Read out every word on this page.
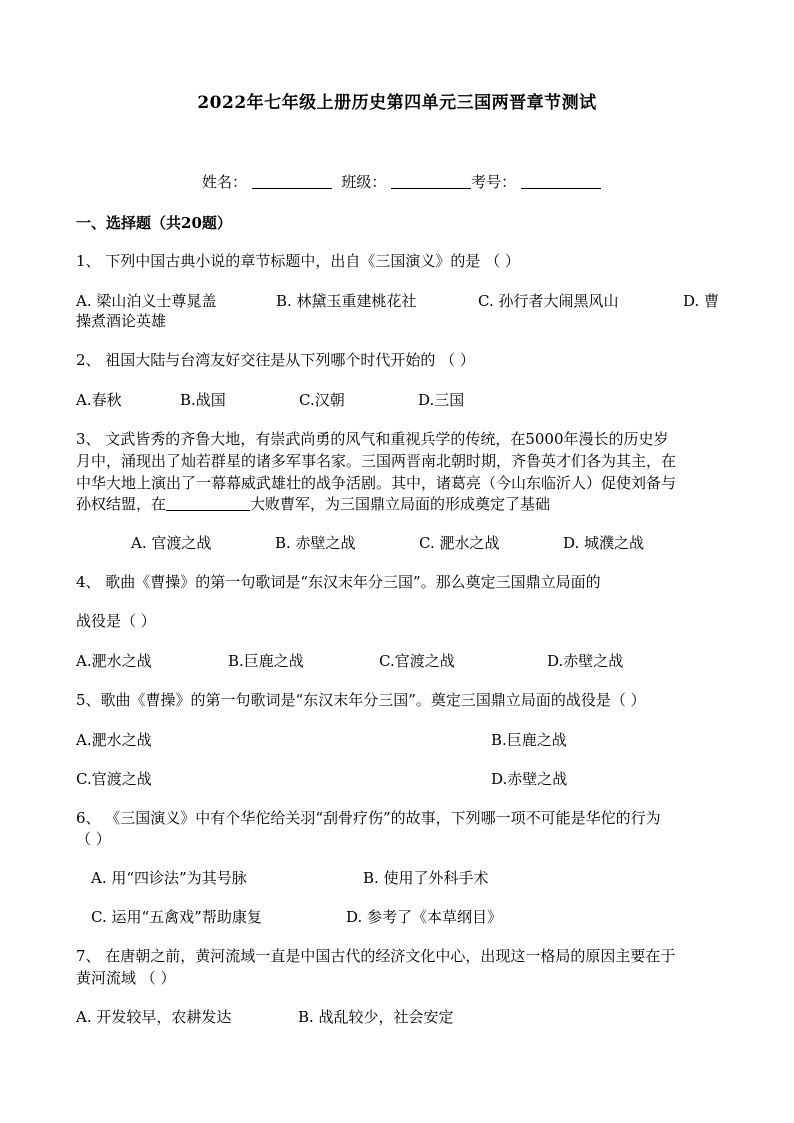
2022年七年级上册历史第四单元三国两晋章节测试
姓名：	班级：	考号：
一、选择题（共20题）
1、 下列中国古典小说的章节标题中，出自《三国演义》的是 （ ）
A. 梁山泊义士尊晁盖	B. 林黛玉重建桃花社	C. 孙行者大闹黑风山	D. 曹
操煮酒论英雄
2、 祖国大陆与台湾友好交往是从下列哪个时代开始的 （ ）
A.春秋	B.战国	C.汉朝	D.三国
3、 文武皆秀的齐鲁大地，有崇武尚勇的风气和重视兵学的传统，在5000年漫长的历史岁
月中，涌现出了灿若群星的诸多军事名家。三国两晋南北朝时期，齐鲁英才们各为其主，在
中华大地上演出了一幕幕威武雄壮的战争活剧。其中，诸葛亮（今山东临沂人）促使刘备与
孙权结盟，在	大败曹军，为三国鼎立局面的形成奠定了基础
A. 官渡之战	B. 赤壁之战	C. 淝水之战	D. 城濮之战
4、 歌曲《曹操》的第一句歌词是“东汉末年分三国”。那么奠定三国鼎立局面的
战役是（ ）
A.淝水之战	B.巨鹿之战	C.官渡之战	D.赤壁之战
5、歌曲《曹操》的第一句歌词是“东汉末年分三国”。奠定三国鼎立局面的战役是（ ）
A.淝水之战	B.巨鹿之战
C.官渡之战	D.赤壁之战
6、 《三国演义》中有个华佗给关羽“刮骨疗伤”的故事，下列哪一项不可能是华佗的行为
（ ）
A. 用“四诊法”为其号脉	B. 使用了外科手术
C. 运用“五禽戏”帮助康复	D. 参考了《本草纲目》
7、 在唐朝之前，黄河流域一直是中国古代的经济文化中心，出现这一格局的原因主要在于
黄河流域 （ ）
A. 开发较早，农耕发达	B. 战乱较少，社会安定
